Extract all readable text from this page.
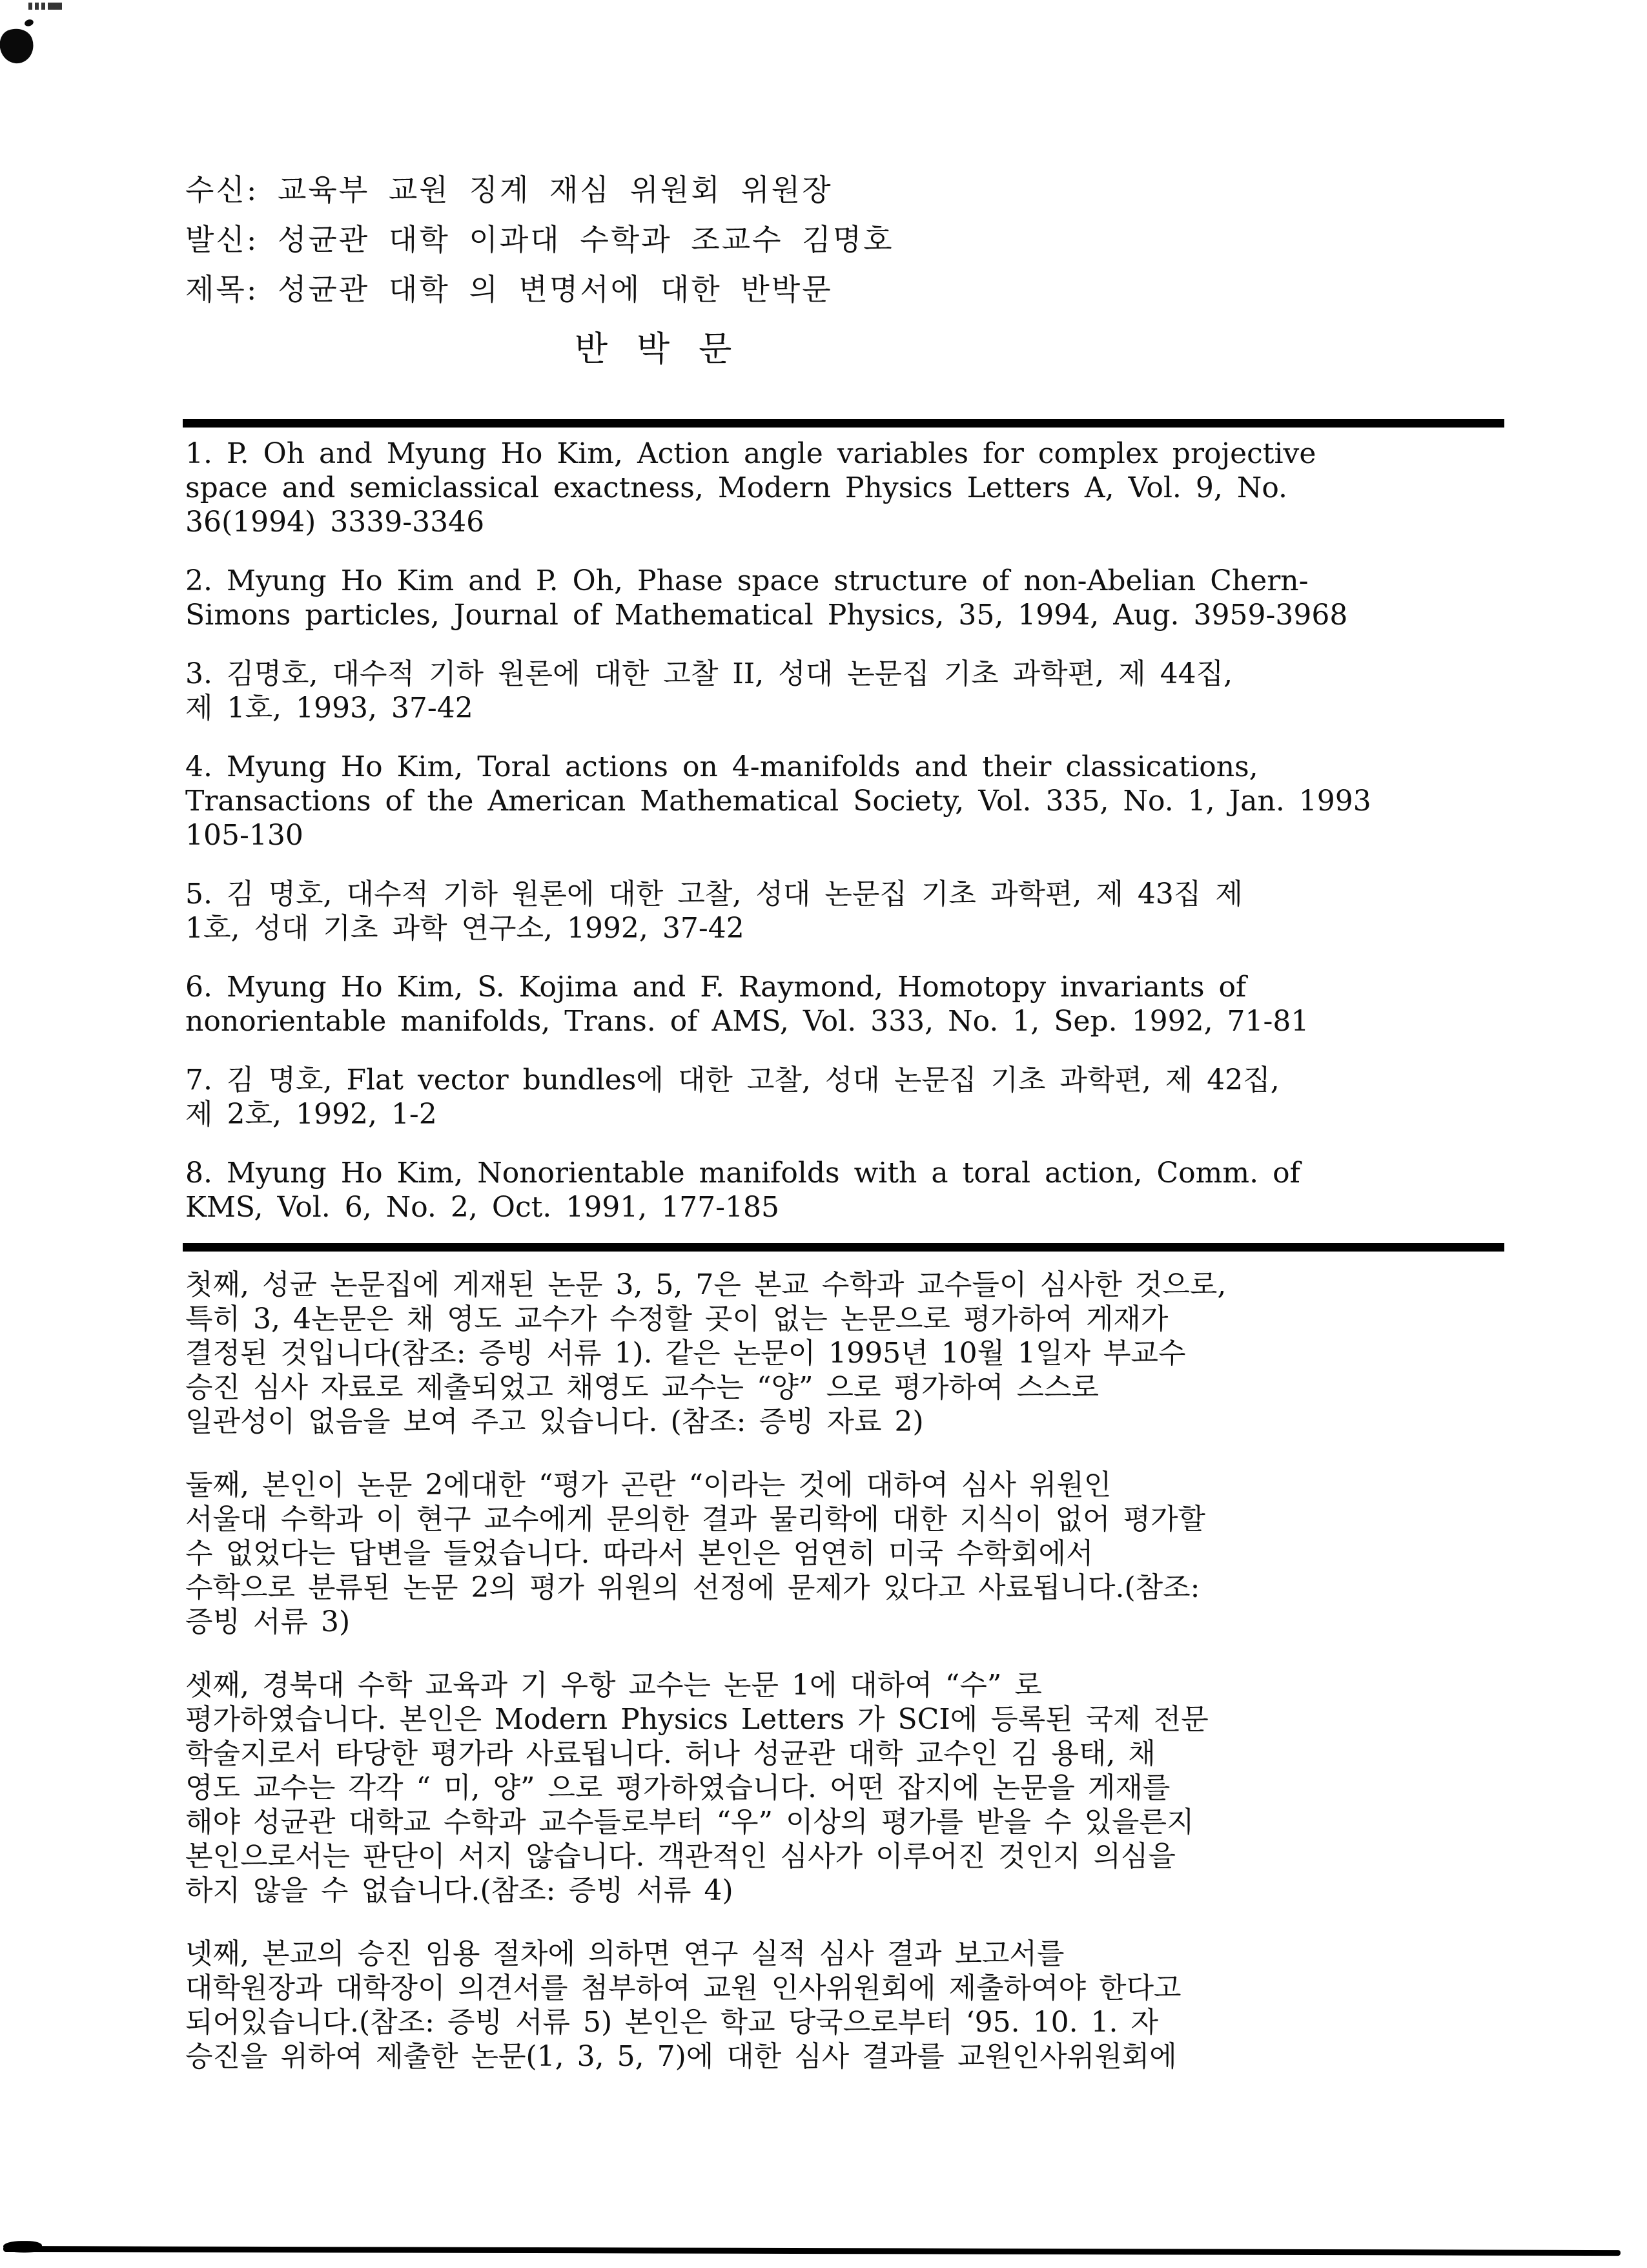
수신: 교육부 교원 징계 재심 위원회 위원장
발신: 성균관 대학 이과대 수학과 조교수 김명호
제목: 성균관 대학 의 변명서에 대한 반박문
반 박 문
1. P. Oh and Myung Ho Kim, Action angle variables for complex projective
space and semiclassical exactness, Modern Physics Letters A, Vol. 9, No.
36(1994) 3339-3346
2. Myung Ho Kim and P. Oh, Phase space structure of non-Abelian Chern-
Simons particles, Journal of Mathematical Physics, 35, 1994, Aug. 3959-3968
3. 김명호, 대수적 기하 원론에 대한 고찰 II, 성대 논문집 기초 과학편, 제 44집,
제 1호, 1993, 37-42
4. Myung Ho Kim, Toral actions on 4-manifolds and their classications,
Transactions of the American Mathematical Society, Vol. 335, No. 1, Jan. 1993
105-130
5. 김 명호, 대수적 기하 원론에 대한 고찰, 성대 논문집 기초 과학편, 제 43집 제
1호, 성대 기초 과학 연구소, 1992, 37-42
6. Myung Ho Kim, S. Kojima and F. Raymond, Homotopy invariants of
nonorientable manifolds, Trans. of AMS, Vol. 333, No. 1, Sep. 1992, 71-81
7. 김 명호, Flat vector bundles에 대한 고찰, 성대 논문집 기초 과학편, 제 42집,
제 2호, 1992, 1-2
8. Myung Ho Kim, Nonorientable manifolds with a toral action, Comm. of
KMS, Vol. 6, No. 2, Oct. 1991, 177-185
첫째, 성균 논문집에 게재된 논문 3, 5, 7은 본교 수학과 교수들이 심사한 것으로,
특히 3, 4논문은 채 영도 교수가 수정할 곳이 없는 논문으로 평가하여 게재가
결정된 것입니다(참조: 증빙 서류 1). 같은 논문이 1995년 10월 1일자 부교수
승진 심사 자료로 제출되었고 채영도 교수는 “양” 으로 평가하여 스스로
일관성이 없음을 보여 주고 있습니다. (참조: 증빙 자료 2)
둘째, 본인이 논문 2에대한 “평가 곤란 “이라는 것에 대하여 심사 위원인
서울대 수학과 이 현구 교수에게 문의한 결과 물리학에 대한 지식이 없어 평가할
수 없었다는 답변을 들었습니다. 따라서 본인은 엄연히 미국 수학회에서
수학으로 분류된 논문 2의 평가 위원의 선정에 문제가 있다고 사료됩니다.(참조:
증빙 서류 3)
셋째, 경북대 수학 교육과 기 우항 교수는 논문 1에 대하여 “수” 로
평가하였습니다. 본인은 Modern Physics Letters 가 SCI에 등록된 국제 전문
학술지로서 타당한 평가라 사료됩니다. 허나 성균관 대학 교수인 김 용태, 채
영도 교수는 각각 “ 미, 양” 으로 평가하였습니다. 어떤 잡지에 논문을 게재를
해야 성균관 대학교 수학과 교수들로부터 “우” 이상의 평가를 받을 수 있을른지
본인으로서는 판단이 서지 않습니다. 객관적인 심사가 이루어진 것인지 의심을
하지 않을 수 없습니다.(참조: 증빙 서류 4)
넷째, 본교의 승진 임용 절차에 의하면 연구 실적 심사 결과 보고서를
대학원장과 대학장이 의견서를 첨부하여 교원 인사위원회에 제출하여야 한다고
되어있습니다.(참조: 증빙 서류 5) 본인은 학교 당국으로부터 ‘95. 10. 1. 자
승진을 위하여 제출한 논문(1, 3, 5, 7)에 대한 심사 결과를 교원인사위원회에
